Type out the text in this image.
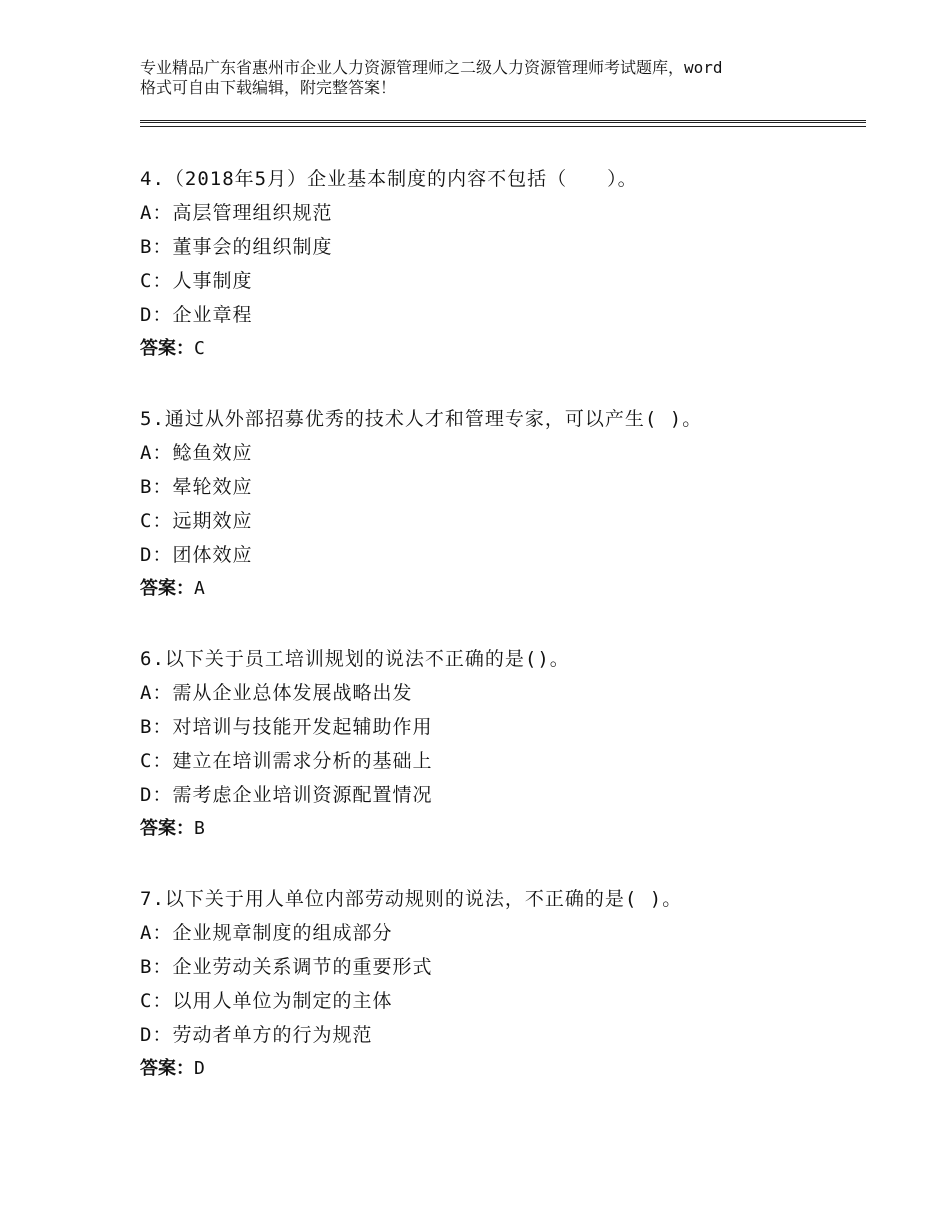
专业精品广东省惠州市企业人力资源管理师之二级人力资源管理师考试题库，word
格式可自由下载编辑，附完整答案！
4.（2018年5月）企业基本制度的内容不包括（　　）。
A：高层管理组织规范
B：董事会的组织制度
C：人事制度
D：企业章程
答案：C
5.通过从外部招募优秀的技术人才和管理专家，可以产生( )。
A：鲶鱼效应
B：晕轮效应
C：远期效应
D：团体效应
答案：A
6.以下关于员工培训规划的说法不正确的是()。
A：需从企业总体发展战略出发
B：对培训与技能开发起辅助作用
C：建立在培训需求分析的基础上
D：需考虑企业培训资源配置情况
答案：B
7.以下关于用人单位内部劳动规则的说法，不正确的是( )。
A：企业规章制度的组成部分
B：企业劳动关系调节的重要形式
C：以用人单位为制定的主体
D：劳动者单方的行为规范
答案：D
